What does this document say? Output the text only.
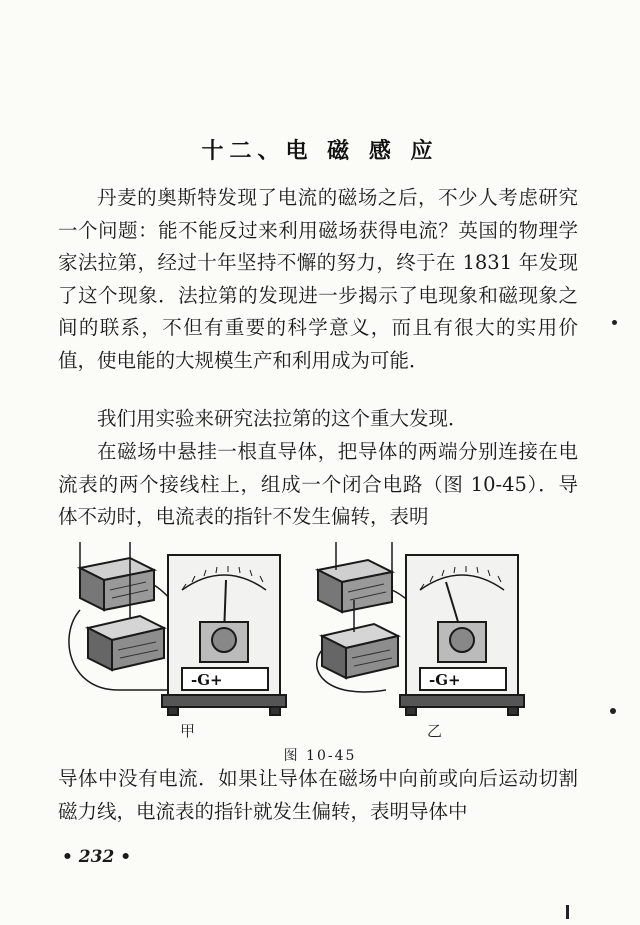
十二、电 磁 感 应

丹麦的奥斯特发现了电流的磁场之后，不少人考虑研究一个问题：能不能反过来利用磁场获得电流？英国的物理学家法拉第，经过十年坚持不懈的努力，终于在 1831 年发现了这个现象．法拉第的发现进一步揭示了电现象和磁现象之间的联系，不但有重要的科学意义，而且有很大的实用价值，使电能的大规模生产和利用成为可能．

我们用实验来研究法拉第的这个重大发现．

在磁场中悬挂一根直导体，把导体的两端分别连接在电流表的两个接线柱上，组成一个闭合电路（图 10-45）．导体不动时，电流表的指针不发生偏转，表明

-G+	-G+
甲	乙
图 10-45

导体中没有电流．如果让导体在磁场中向前或向后运动切割磁力线，电流表的指针就发生偏转，表明导体中

• 232 •
